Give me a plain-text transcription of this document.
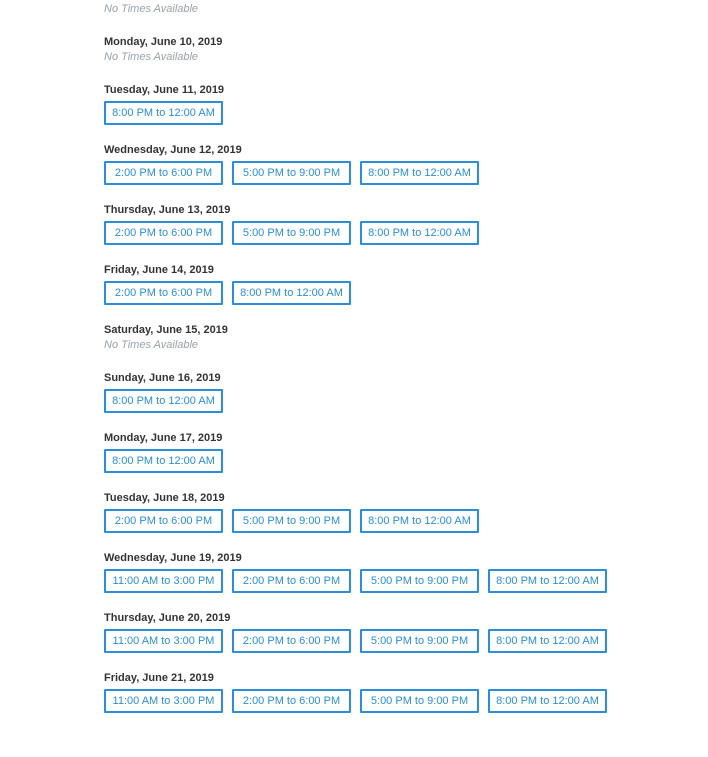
No Times Available
Monday, June 10, 2019
No Times Available
Tuesday, June 11, 2019
8:00 PM to 12:00 AM
Wednesday, June 12, 2019
2:00 PM to 6:00 PM	5:00 PM to 9:00 PM	8:00 PM to 12:00 AM
Thursday, June 13, 2019
2:00 PM to 6:00 PM	5:00 PM to 9:00 PM	8:00 PM to 12:00 AM
Friday, June 14, 2019
2:00 PM to 6:00 PM	8:00 PM to 12:00 AM
Saturday, June 15, 2019
No Times Available
Sunday, June 16, 2019
8:00 PM to 12:00 AM
Monday, June 17, 2019
8:00 PM to 12:00 AM
Tuesday, June 18, 2019
2:00 PM to 6:00 PM	5:00 PM to 9:00 PM	8:00 PM to 12:00 AM
Wednesday, June 19, 2019
11:00 AM to 3:00 PM	2:00 PM to 6:00 PM	5:00 PM to 9:00 PM	8:00 PM to 12:00 AM
Thursday, June 20, 2019
11:00 AM to 3:00 PM	2:00 PM to 6:00 PM	5:00 PM to 9:00 PM	8:00 PM to 12:00 AM
Friday, June 21, 2019
11:00 AM to 3:00 PM	2:00 PM to 6:00 PM	5:00 PM to 9:00 PM	8:00 PM to 12:00 AM
